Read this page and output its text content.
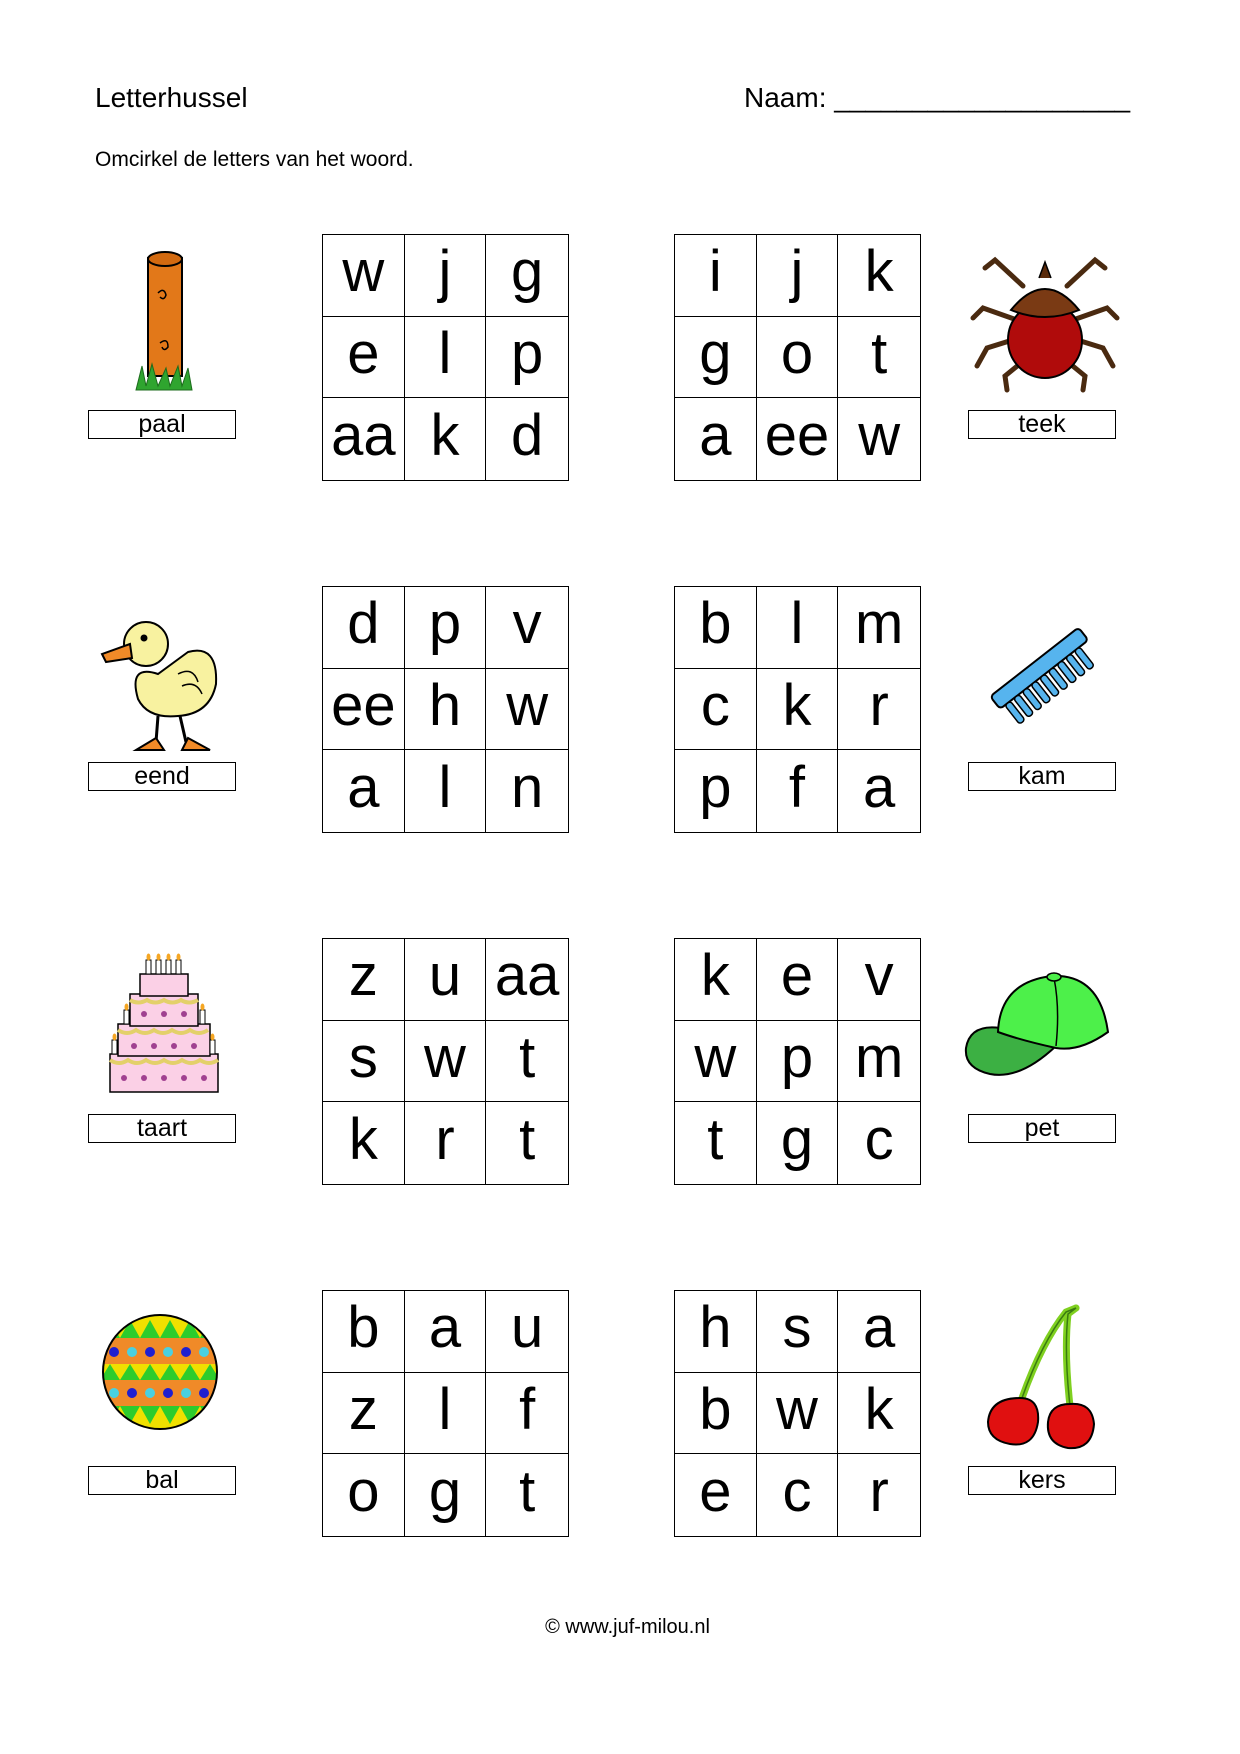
Letterhussel	Naam: ___________________
Omcirkel de letters van het woord.
paal
w j	g
e	l	p
aa k d
i	j	k
g o t
a ee w	teek
eend
d p v
ee h w
a	l	n
b	l m
c k	r
p f a	kam
taart
z u aa
s w t
k r	t
k e v
w p m
t g c	pet
bal
b a u
z	l	f
o g t
h s a
b w k
e c	r	kers
© www.juf-milou.nl
